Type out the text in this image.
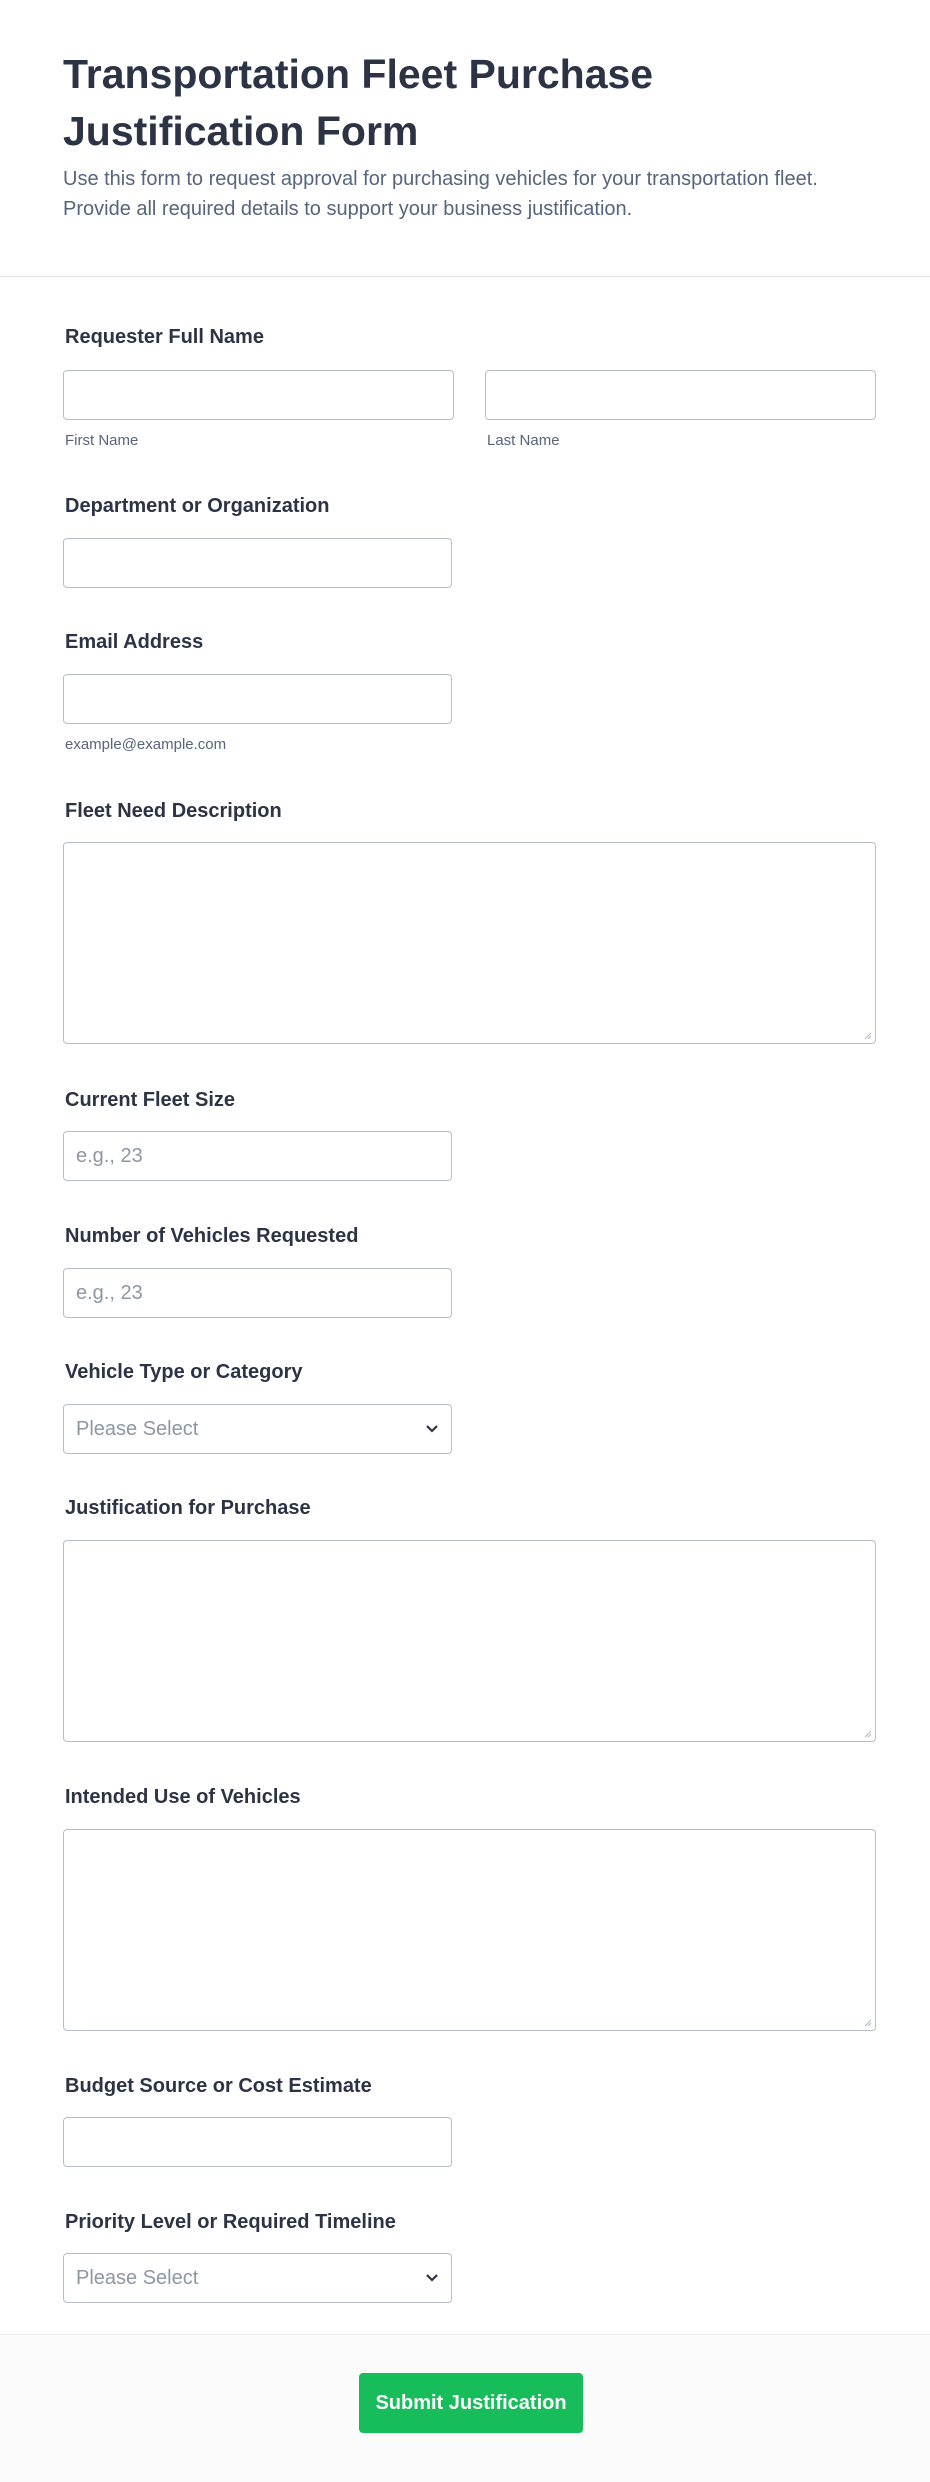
Transportation Fleet Purchase Justification Form

Use this form to request approval for purchasing vehicles for your transportation fleet. Provide all required details to support your business justification.

Requester Full Name
First Name	Last Name
Department or Organization
Email Address
example@example.com
Fleet Need Description
Current Fleet Size
e.g., 23
Number of Vehicles Requested
e.g., 23
Vehicle Type or Category
Please Select
Justification for Purchase
Intended Use of Vehicles
Budget Source or Cost Estimate
Priority Level or Required Timeline
Please Select
Submit Justification
